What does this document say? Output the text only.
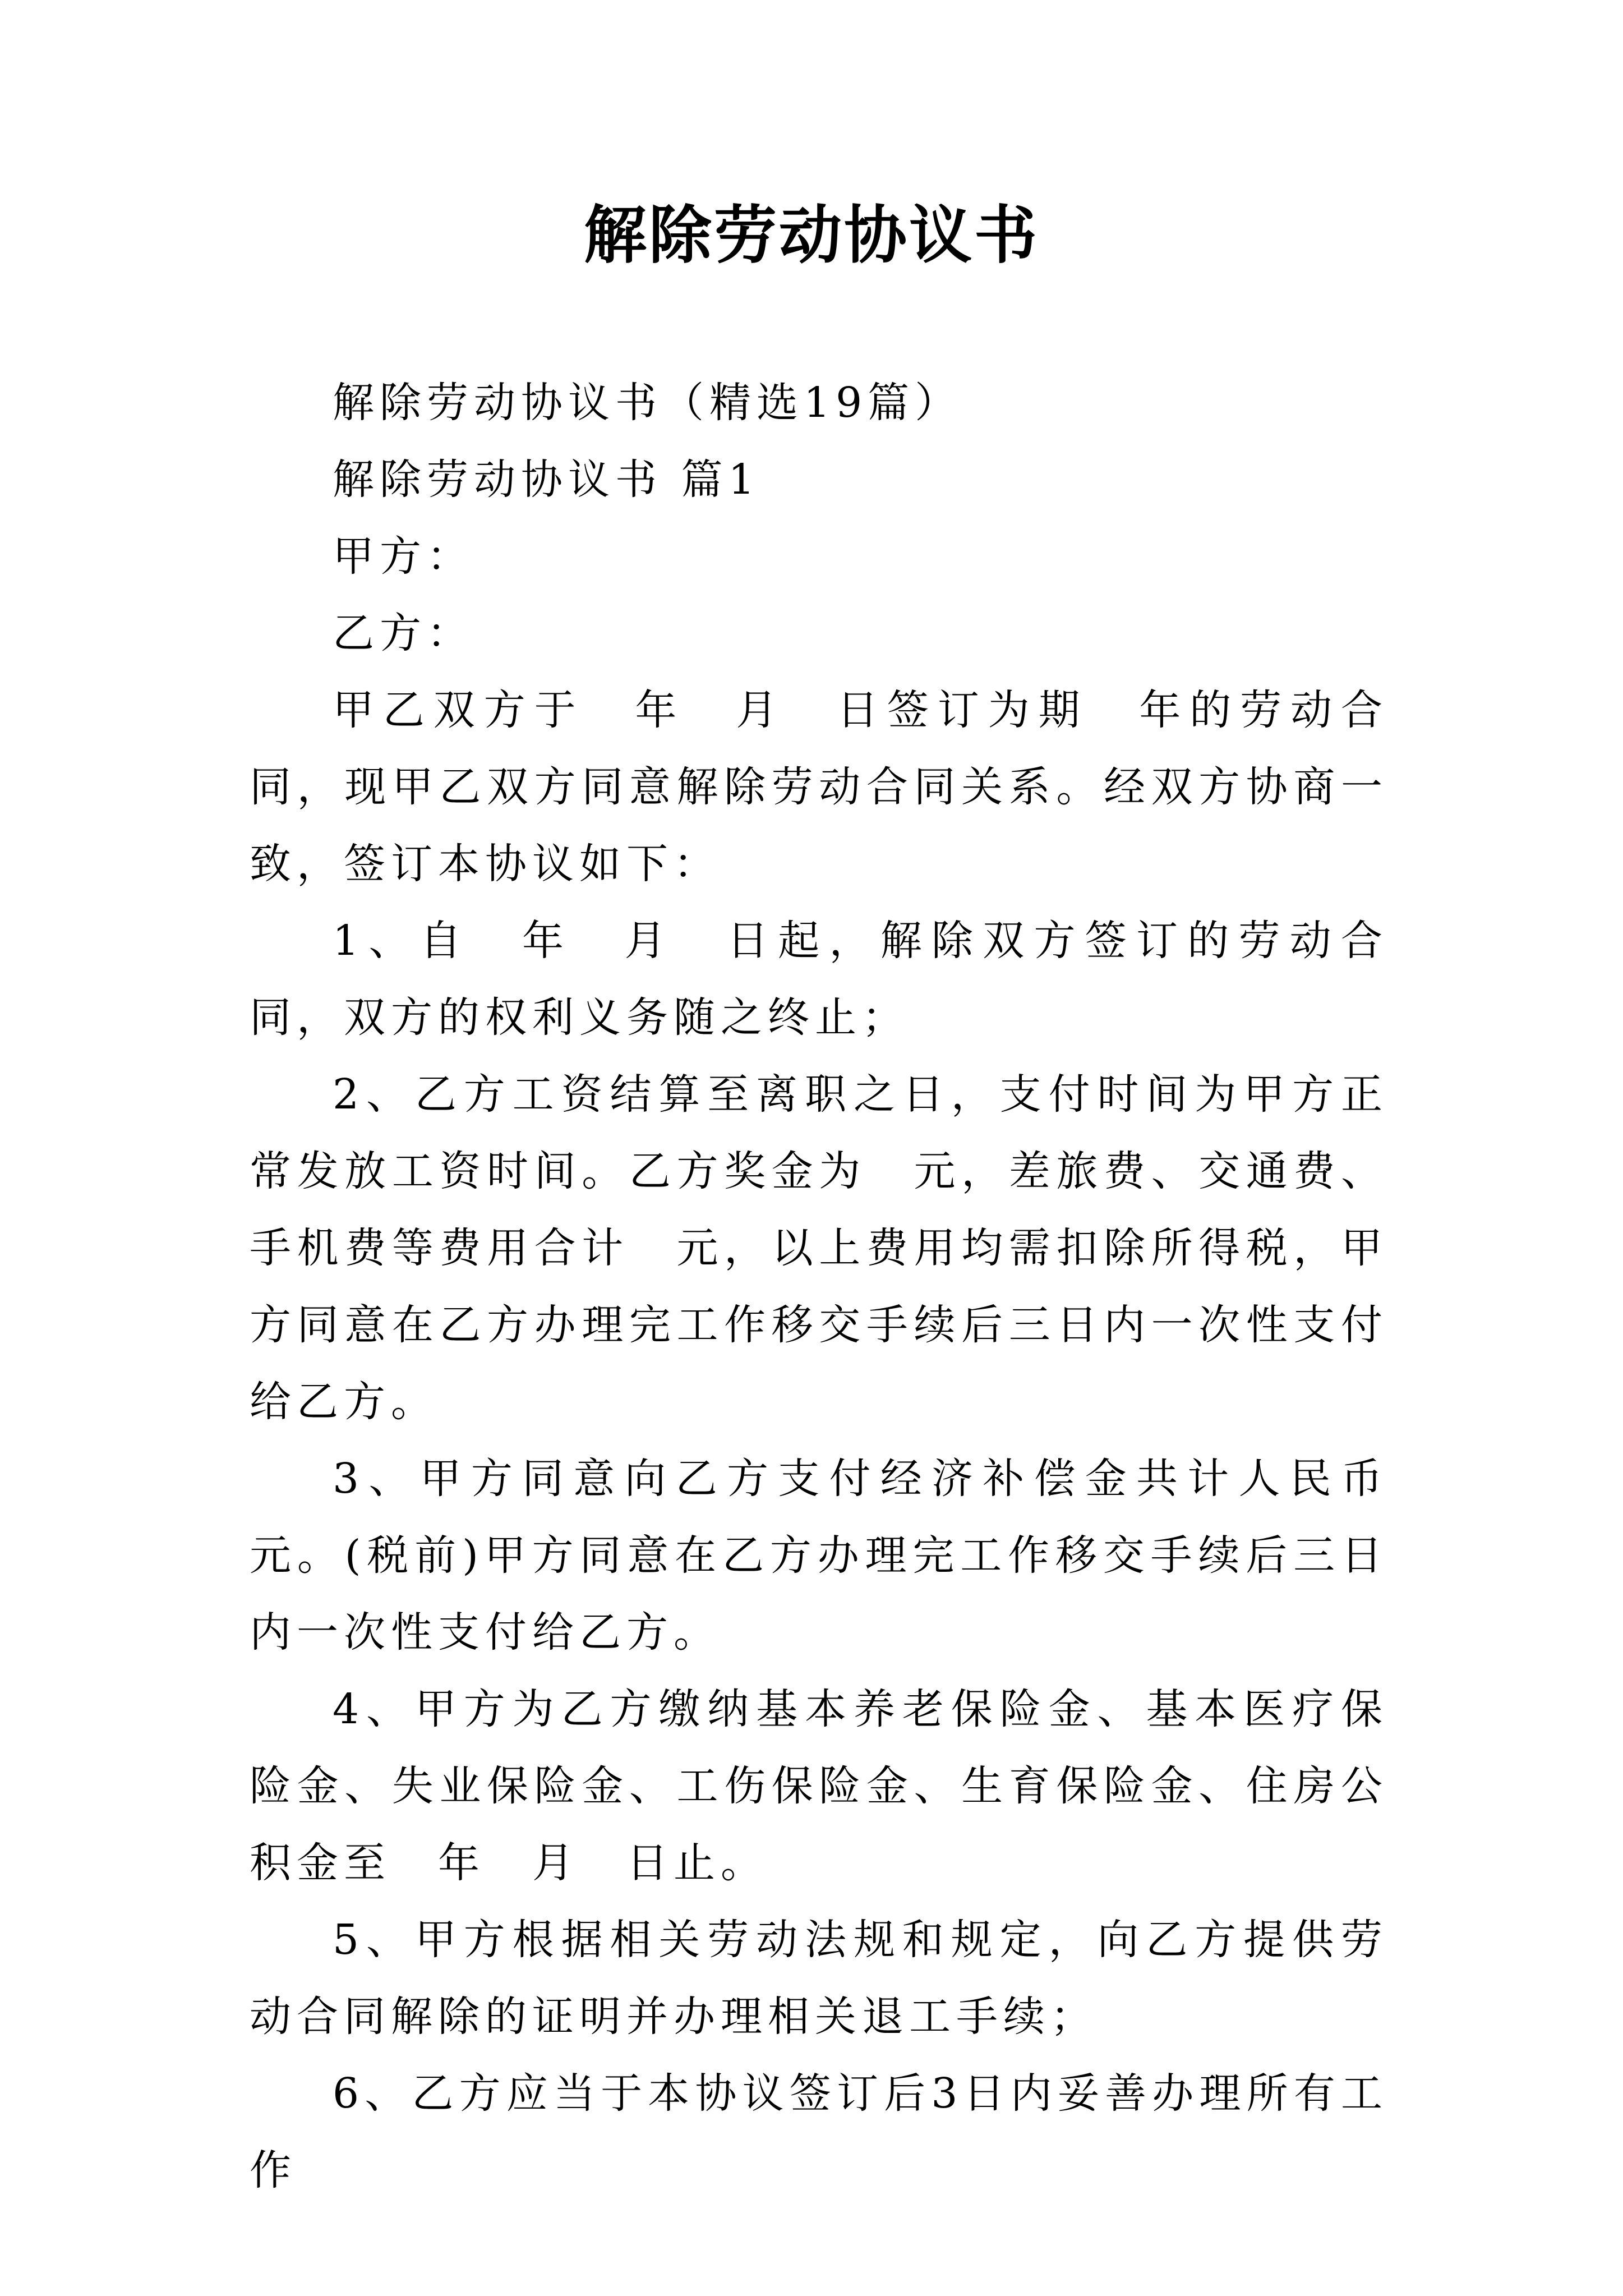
解除劳动协议书

解除劳动协议书（精选19篇）

解除劳动协议书 篇1

甲方：

乙方：

甲乙双方于　年　月　日签订为期　年的劳动合同，现甲乙双方同意解除劳动合同关系。经双方协商一致，签订本协议如下：

1、自　年　月　日起，解除双方签订的劳动合同，双方的权利义务随之终止；

2、乙方工资结算至离职之日，支付时间为甲方正常发放工资时间。乙方奖金为　元，差旅费、交通费、手机费等费用合计　元，以上费用均需扣除所得税，甲方同意在乙方办理完工作移交手续后三日内一次性支付给乙方。

3、甲方同意向乙方支付经济补偿金共计人民币　元。(税前)甲方同意在乙方办理完工作移交手续后三日内一次性支付给乙方。

4、甲方为乙方缴纳基本养老保险金、基本医疗保险金、失业保险金、工伤保险金、生育保险金、住房公积金至　年　月　日止。

5、甲方根据相关劳动法规和规定，向乙方提供劳动合同解除的证明并办理相关退工手续；

6、乙方应当于本协议签订后3日内妥善办理所有工作
